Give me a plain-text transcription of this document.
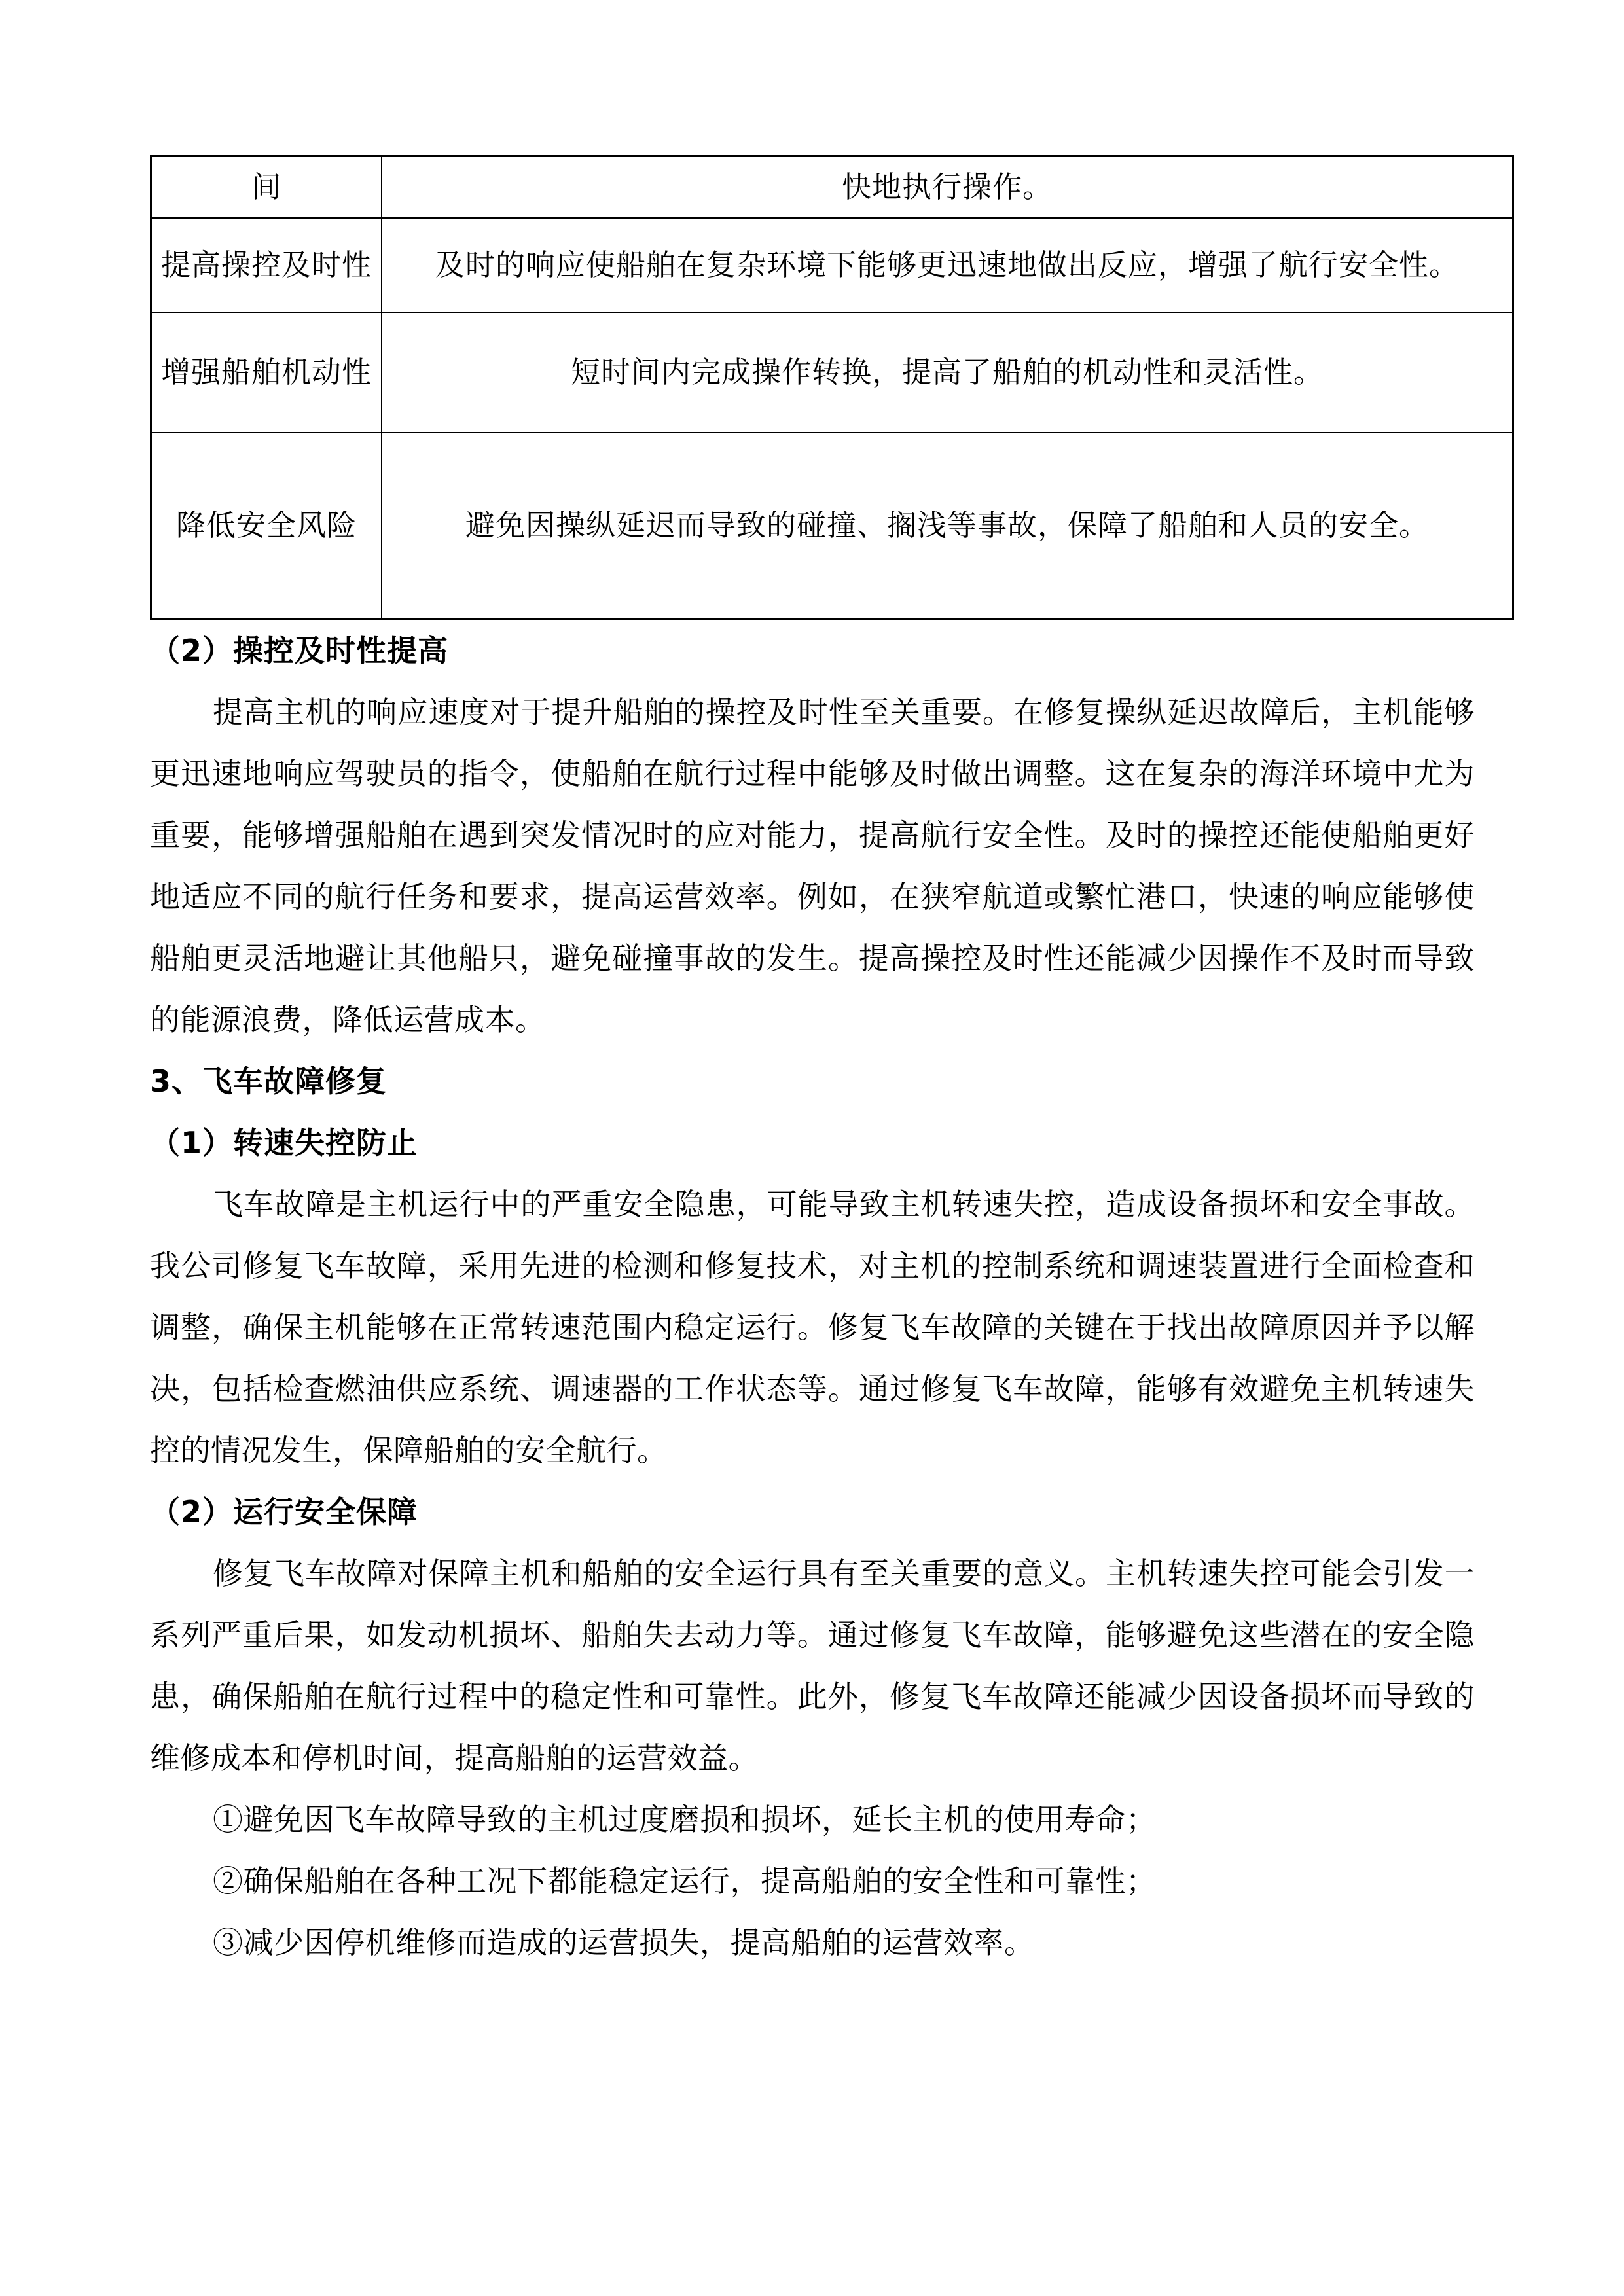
间	快地执行操作。

提高操控及时性	及时的响应使船舶在复杂环境下能够更迅速地做出反应，增强了航行安全性。

增强船舶机动性	短时间内完成操作转换，提高了船舶的机动性和灵活性。

降低安全风险	避免因操纵延迟而导致的碰撞、搁浅等事故，保障了船舶和人员的安全。
（2）操控及时性提高

提高主机的响应速度对于提升船舶的操控及时性至关重要。在修复操纵延迟故障后，主机能够更迅速地响应驾驶员的指令，使船舶在航行过程中能够及时做出调整。这在复杂的海洋环境中尤为重要，能够增强船舶在遇到突发情况时的应对能力，提高航行安全性。及时的操控还能使船舶更好地适应不同的航行任务和要求，提高运营效率。例如，在狭窄航道或繁忙港口，快速的响应能够使船舶更灵活地避让其他船只，避免碰撞事故的发生。提高操控及时性还能减少因操作不及时而导致的能源浪费，降低运营成本。

3、飞车故障修复
（1）转速失控防止

飞车故障是主机运行中的严重安全隐患，可能导致主机转速失控，造成设备损坏和安全事故。我公司修复飞车故障，采用先进的检测和修复技术，对主机的控制系统和调速装置进行全面检查和调整，确保主机能够在正常转速范围内稳定运行。修复飞车故障的关键在于找出故障原因并予以解决，包括检查燃油供应系统、调速器的工作状态等。通过修复飞车故障，能够有效避免主机转速失控的情况发生，保障船舶的安全航行。

（2）运行安全保障

修复飞车故障对保障主机和船舶的安全运行具有至关重要的意义。主机转速失控可能会引发一系列严重后果，如发动机损坏、船舶失去动力等。通过修复飞车故障，能够避免这些潜在的安全隐患，确保船舶在航行过程中的稳定性和可靠性。此外，修复飞车故障还能减少因设备损坏而导致的维修成本和停机时间，提高船舶的运营效益。

①避免因飞车故障导致的主机过度磨损和损坏，延长主机的使用寿命；

②确保船舶在各种工况下都能稳定运行，提高船舶的安全性和可靠性；

③减少因停机维修而造成的运营损失，提高船舶的运营效率。
